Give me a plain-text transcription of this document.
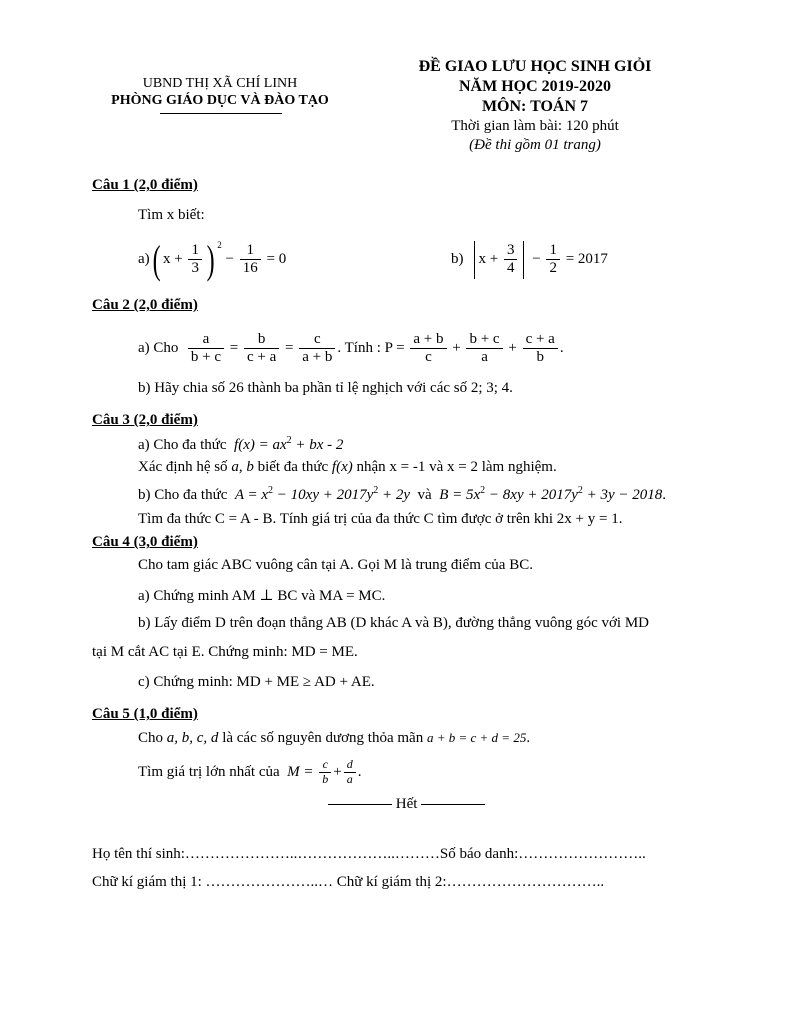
UBND THỊ XÃ CHÍ LINH
PHÒNG GIÁO DỤC VÀ ĐÀO TẠO
ĐỀ GIAO LƯU HỌC SINH GIỎI
NĂM HỌC 2019-2020
MÔN: TOÁN 7
Thời gian làm bài: 120 phút
(Đề thi gồm 01 trang)
Câu 1 (2,0 điểm)
Tìm x biết:
a)( $x + \frac{1}{3}$ ) $^2 - \frac{1}{16} = 0$	b) $x + \frac{3}{4} - \frac{1}{2} = 2017$
Câu 2 (2,0 điểm)
a) Cho $\frac{a}{b + c} = \frac{b}{c + a} = \frac{c}{a + b}$ . Tính : $P = \frac{a + b}{c} + \frac{b + c}{a} + \frac{c + a}{b}$ .
b) Hãy chia số 26 thành ba phần tỉ lệ nghịch với các số 2; 3; 4.
Câu 3 (2,0 điểm)
a) Cho đa thức $f(x) = ax^2$ + bx - 2
Xác định hệ số a, b biết đa thức f(x) nhận x = -1 và x = 2 làm nghiệm.
b) Cho đa thức $A = x^2 - 10xy + 2017y^2 + 2y$ và $B = 5x^2 - 8xy + 2017y^2 + 3y - 2018$.
Tìm đa thức C = A - B. Tính giá trị của đa thức C tìm được ở trên khi 2x + y = 1.
Câu 4 (3,0 điểm)
Cho tam giác ABC vuông cân tại A. Gọi M là trung điểm của BC.
a) Chứng minh AM ⊥ BC và MA = MC.
b) Lấy điểm D trên đoạn thẳng AB (D khác A và B), đường thẳng vuông góc với MD
tại M cắt AC tại E. Chứng minh: MD = ME.
c) Chứng minh: MD + ME ≥ AD + AE.
Câu 5 (1,0 điểm)
Cho a, b, c, d là các số nguyên dương thỏa mãn a + b = c + d = 25.
Tìm giá trị lớn nhất của $M = \frac{c}{b} + \frac{d}{a}$ .
Hết
Họ tên thí sinh:…………………..………………..………Số báo danh:……………………..
Chữ kí giám thị 1: …………………..… Chữ kí giám thị 2:…………………………..
